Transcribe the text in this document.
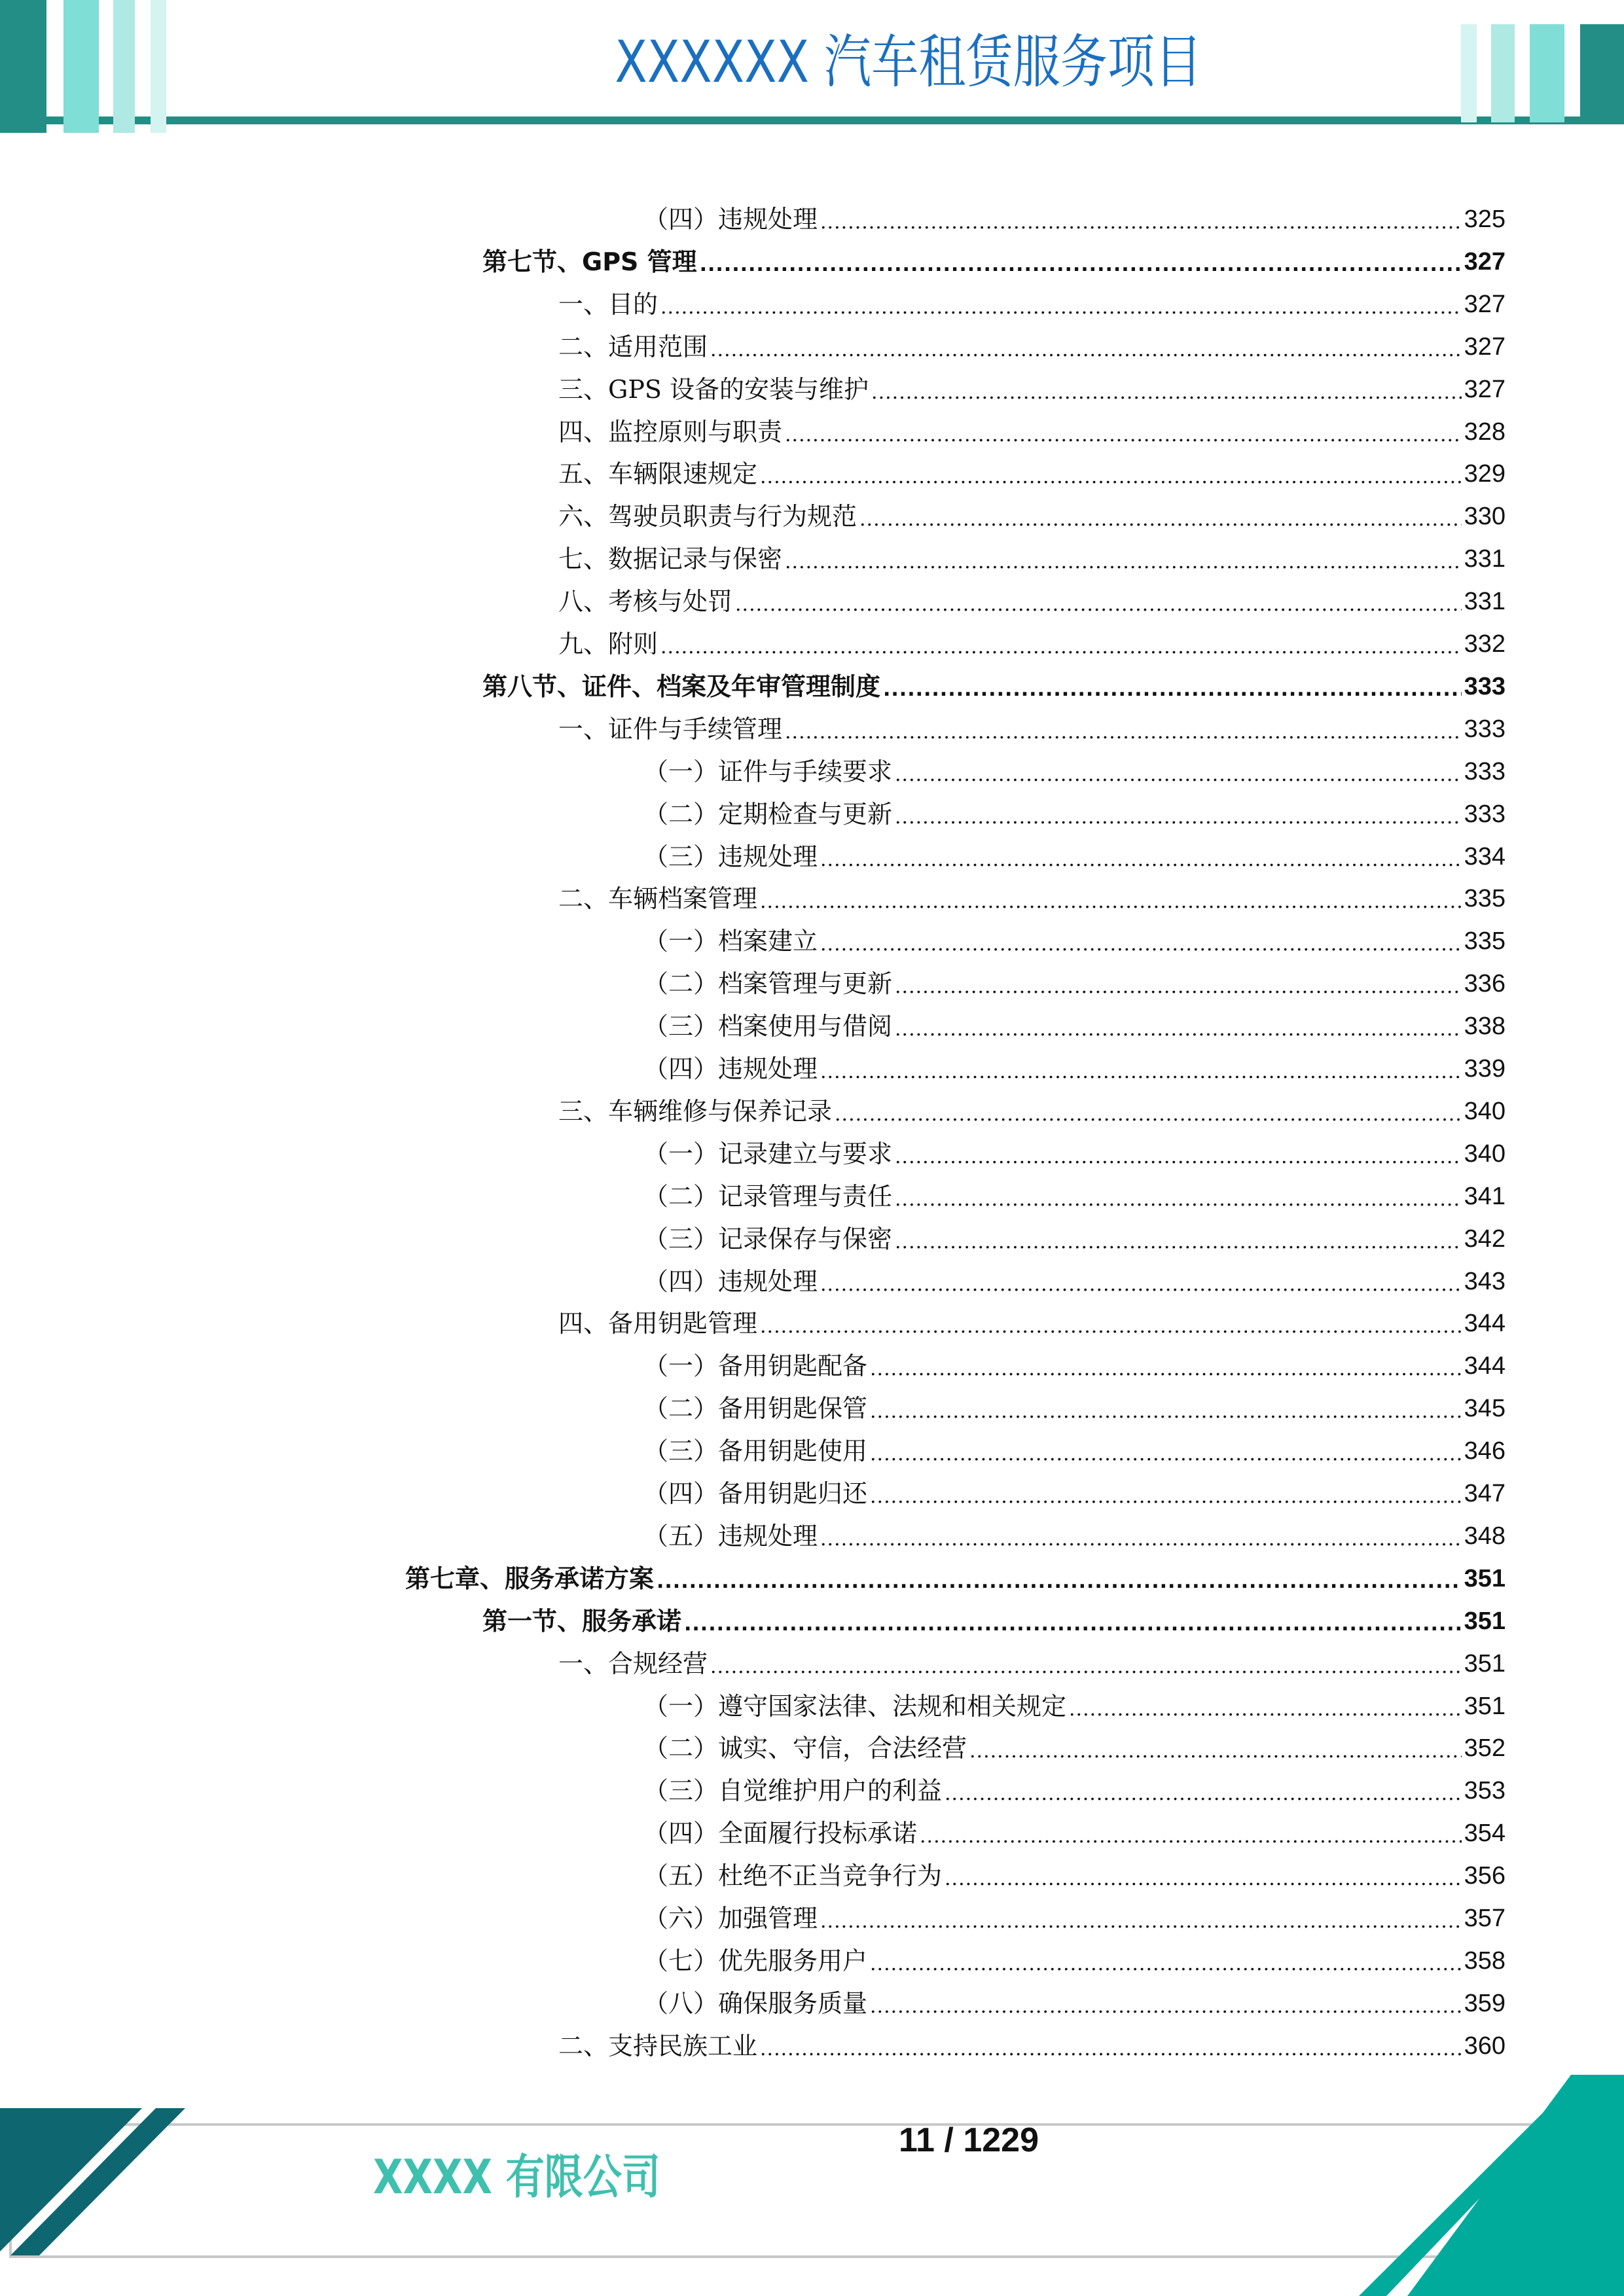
XXXXXX 汽车租赁服务项目
（四）违规处理 .....	325
第七节、GPS 管理 .....	327
一、目的 .....	327
二、适用范围 .....	327
三、GPS 设备的安装与维护 .....	327
四、监控原则与职责 .....	328
五、车辆限速规定 .....	329
六、驾驶员职责与行为规范 .....	330
七、数据记录与保密 .....	331
八、考核与处罚 .....	331
九、附则 .....	332
第八节、证件、档案及年审管理制度 .....	333
一、证件与手续管理 .....	333
（一）证件与手续要求 .....	333
（二）定期检查与更新 .....	333
（三）违规处理 .....	334
二、车辆档案管理 .....	335
（一）档案建立 .....	335
（二）档案管理与更新 .....	336
（三）档案使用与借阅 .....	338
（四）违规处理 .....	339
三、车辆维修与保养记录 .....	340
（一）记录建立与要求 .....	340
（二）记录管理与责任 .....	341
（三）记录保存与保密 .....	342
（四）违规处理 .....	343
四、备用钥匙管理 .....	344
（一）备用钥匙配备 .....	344
（二）备用钥匙保管 .....	345
（三）备用钥匙使用 .....	346
（四）备用钥匙归还 .....	347
（五）违规处理 .....	348
第七章、服务承诺方案 .....	351
第一节、服务承诺 .....	351
一、合规经营 .....	351
（一）遵守国家法律、法规和相关规定 .....	351
（二）诚实、守信，合法经营 .....	352
（三）自觉维护用户的利益 .....	353
（四）全面履行投标承诺 .....	354
（五）杜绝不正当竞争行为 .....	356
（六）加强管理 .....	357
（七）优先服务用户 .....	358
（八）确保服务质量 .....	359
二、支持民族工业 .....	360
XXXX 有限公司
11 / 1229
